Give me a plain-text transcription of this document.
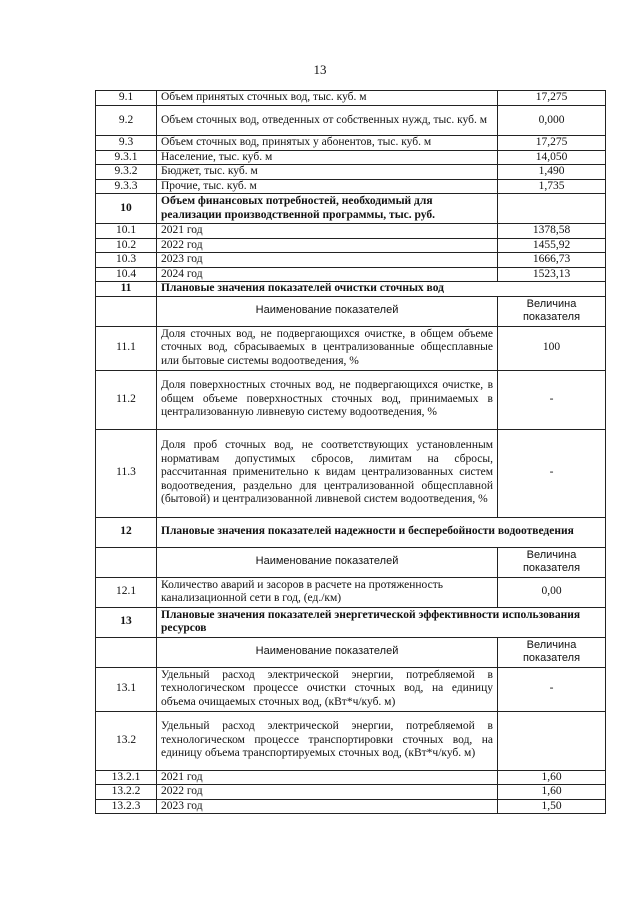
13
9.1	Объем принятых сточных вод, тыс. куб. м	17,275
9.2	Объем сточных вод, отведенных от собственных нужд, тыс. куб. м	0,000
9.3	Объем сточных вод, принятых у абонентов, тыс. куб. м	17,275
9.3.1	Население, тыс. куб. м	14,050
9.3.2	Бюджет, тыс. куб. м	1,490
9.3.3	Прочие, тыс. куб. м	1,735
10	Объем финансовых потребностей, необходимый для реализации производственной программы, тыс. руб.	
10.1	2021 год	1378,58
10.2	2022 год	1455,92
10.3	2023 год	1666,73
10.4	2024 год	1523,13
11	Плановые значения показателей очистки сточных вод	
	Наименование показателей	Величина показателя
11.1	Доля сточных вод, не подвергающихся очистке, в общем объеме сточных вод, сбрасываемых в централизованные общесплавные или бытовые системы водоотведения, %	100
11.2	Доля поверхностных сточных вод, не подвергающихся очистке, в общем объеме поверхностных сточных вод, принимаемых в централизованную ливневую систему водоотведения, %	-
11.3	Доля проб сточных вод, не соответствующих установленным нормативам допустимых сбросов, лимитам на сбросы, рассчитанная применительно к видам централизованных систем водоотведения, раздельно для централизованной общесплавной (бытовой) и централизованной ливневой систем водоотведения, %	-
12	Плановые значения показателей надежности и бесперебойности водоотведения	
	Наименование показателей	Величина показателя
12.1	Количество аварий и засоров в расчете на протяженность канализационной сети в год, (ед./км)	0,00
13	Плановые значения показателей энергетической эффективности использования ресурсов	
	Наименование показателей	Величина показателя
13.1	Удельный расход электрической энергии, потребляемой в технологическом процессе очистки сточных вод, на единицу объема очищаемых сточных вод, (кВт*ч/куб. м)	-
13.2	Удельный расход электрической энергии, потребляемой в технологическом процессе транспортировки сточных вод, на единицу объема транспортируемых сточных вод, (кВт*ч/куб. м)	
13.2.1	2021 год	1,60
13.2.2	2022 год	1,60
13.2.3	2023 год	1,50
